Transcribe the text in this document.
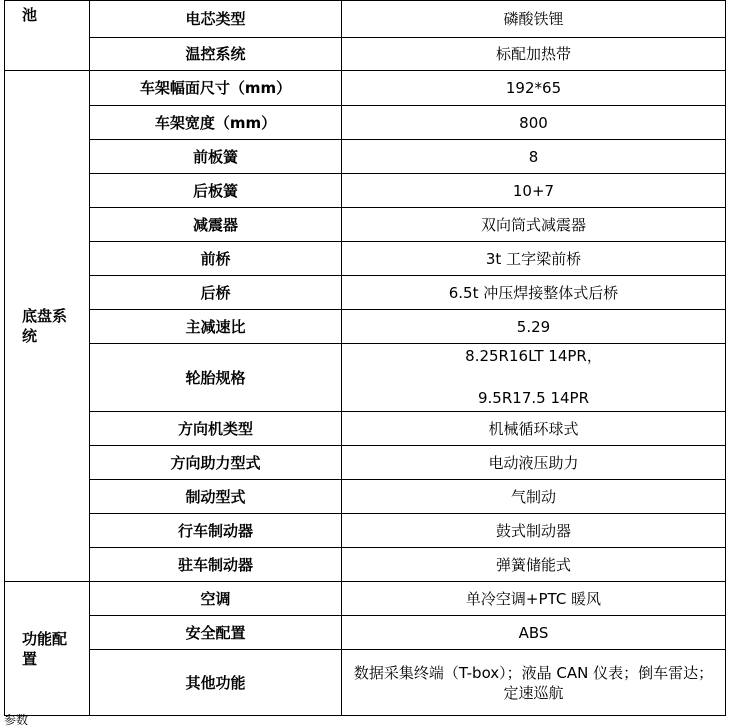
池	电芯类型	磷酸铁锂
	温控系统	标配加热带
底盘系统	车架幅面尺寸（mm）	192*65
	车架宽度（mm）	800
	前板簧	8
	后板簧	10+7
	减震器	双向筒式减震器
	前桥	3t 工字梁前桥
	后桥	6.5t 冲压焊接整体式后桥
	主减速比	5.29
	轮胎规格	8.25R16LT 14PR，
9.5R17.5 14PR

	方向机类型	机械循环球式
	方向助力型式	电动液压助力
	制动型式	气制动
	行车制动器	鼓式制动器
	驻车制动器	弹簧储能式
功能配置	空调	单冷空调+PTC 暖风
	安全配置	ABS
	其他功能	数据采集终端（T-box）；液晶 CAN 仪表；倒车雷达；定速巡航
参数
